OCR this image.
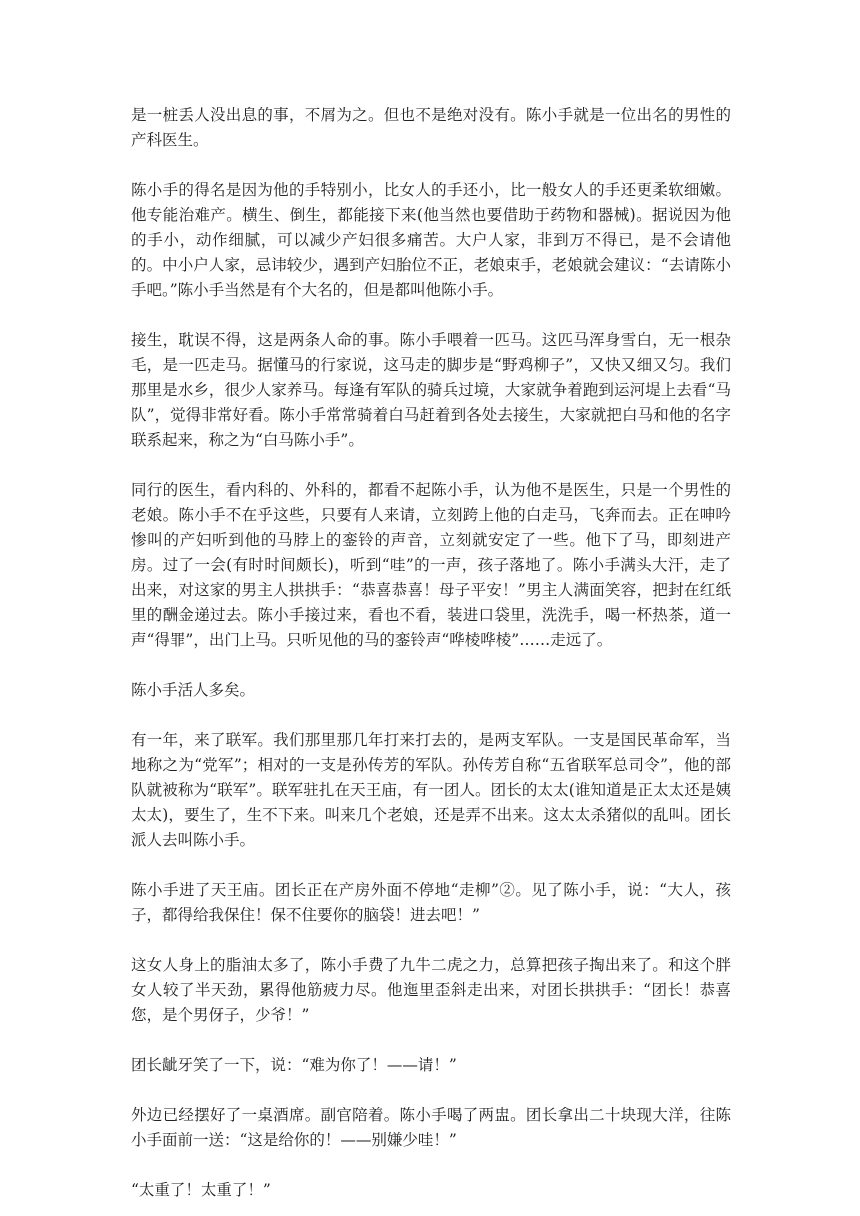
是一桩丢人没出息的事，不屑为之。但也不是绝对没有。陈小手就是一位出名的男性的产科医生。

陈小手的得名是因为他的手特别小，比女人的手还小，比一般女人的手还更柔软细嫩。他专能治难产。横生、倒生，都能接下来(他当然也要借助于药物和器械)。据说因为他的手小，动作细腻，可以减少产妇很多痛苦。大户人家，非到万不得已，是不会请他的。中小户人家，忌讳较少，遇到产妇胎位不正，老娘束手，老娘就会建议：“去请陈小手吧。”陈小手当然是有个大名的，但是都叫他陈小手。

接生，耽误不得，这是两条人命的事。陈小手喂着一匹马。这匹马浑身雪白，无一根杂毛，是一匹走马。据懂马的行家说，这马走的脚步是“野鸡柳子”，又快又细又匀。我们那里是水乡，很少人家养马。每逢有军队的骑兵过境，大家就争着跑到运河堤上去看“马队”，觉得非常好看。陈小手常常骑着白马赶着到各处去接生，大家就把白马和他的名字联系起来，称之为“白马陈小手”。

同行的医生，看内科的、外科的，都看不起陈小手，认为他不是医生，只是一个男性的老娘。陈小手不在乎这些，只要有人来请，立刻跨上他的白走马，飞奔而去。正在呻吟惨叫的产妇听到他的马脖上的銮铃的声音，立刻就安定了一些。他下了马，即刻进产房。过了一会(有时时间颇长)，听到“哇”的一声，孩子落地了。陈小手满头大汗，走了出来，对这家的男主人拱拱手：“恭喜恭喜！母子平安！”男主人满面笑容，把封在红纸里的酬金递过去。陈小手接过来，看也不看，装进口袋里，洗洗手，喝一杯热茶，道一声“得罪”，出门上马。只听见他的马的銮铃声“哗棱哗棱”……走远了。

陈小手活人多矣。

有一年，来了联军。我们那里那几年打来打去的，是两支军队。一支是国民革命军，当地称之为“党军”；相对的一支是孙传芳的军队。孙传芳自称“五省联军总司令”，他的部队就被称为“联军”。联军驻扎在天王庙，有一团人。团长的太太(谁知道是正太太还是姨太太)，要生了，生不下来。叫来几个老娘，还是弄不出来。这太太杀猪似的乱叫。团长派人去叫陈小手。

陈小手进了天王庙。团长正在产房外面不停地“走柳”②。见了陈小手，说：“大人，孩子，都得给我保住！保不住要你的脑袋！进去吧！”

这女人身上的脂油太多了，陈小手费了九牛二虎之力，总算把孩子掏出来了。和这个胖女人较了半天劲，累得他筋疲力尽。他迤里歪斜走出来，对团长拱拱手：“团长！恭喜您，是个男伢子，少爷！”

团长龇牙笑了一下，说：“难为你了！——请！”

外边已经摆好了一桌酒席。副官陪着。陈小手喝了两盅。团长拿出二十块现大洋，往陈小手面前一送：“这是给你的！——别嫌少哇！”

“太重了！太重了！”
